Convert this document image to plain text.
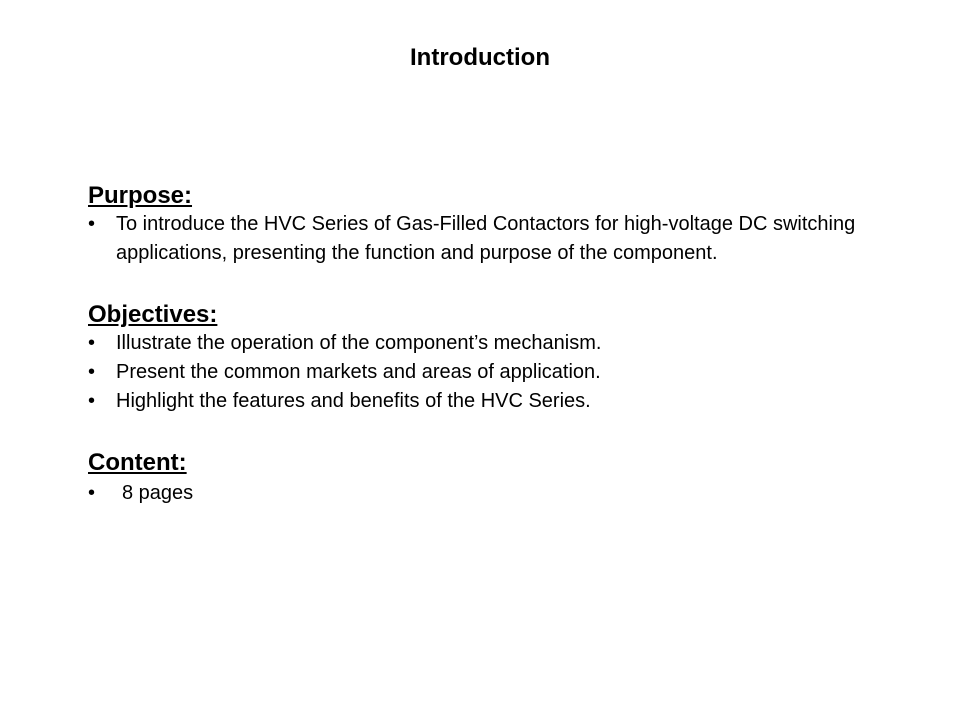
Introduction
Purpose:
• To introduce the HVC Series of Gas-Filled Contactors for high-voltage DC switching applications, presenting the function and purpose of the component.
Objectives:
• Illustrate the operation of the component’s mechanism.
• Present the common markets and areas of application.
• Highlight the features and benefits of the HVC Series.
Content:
• 8 pages
